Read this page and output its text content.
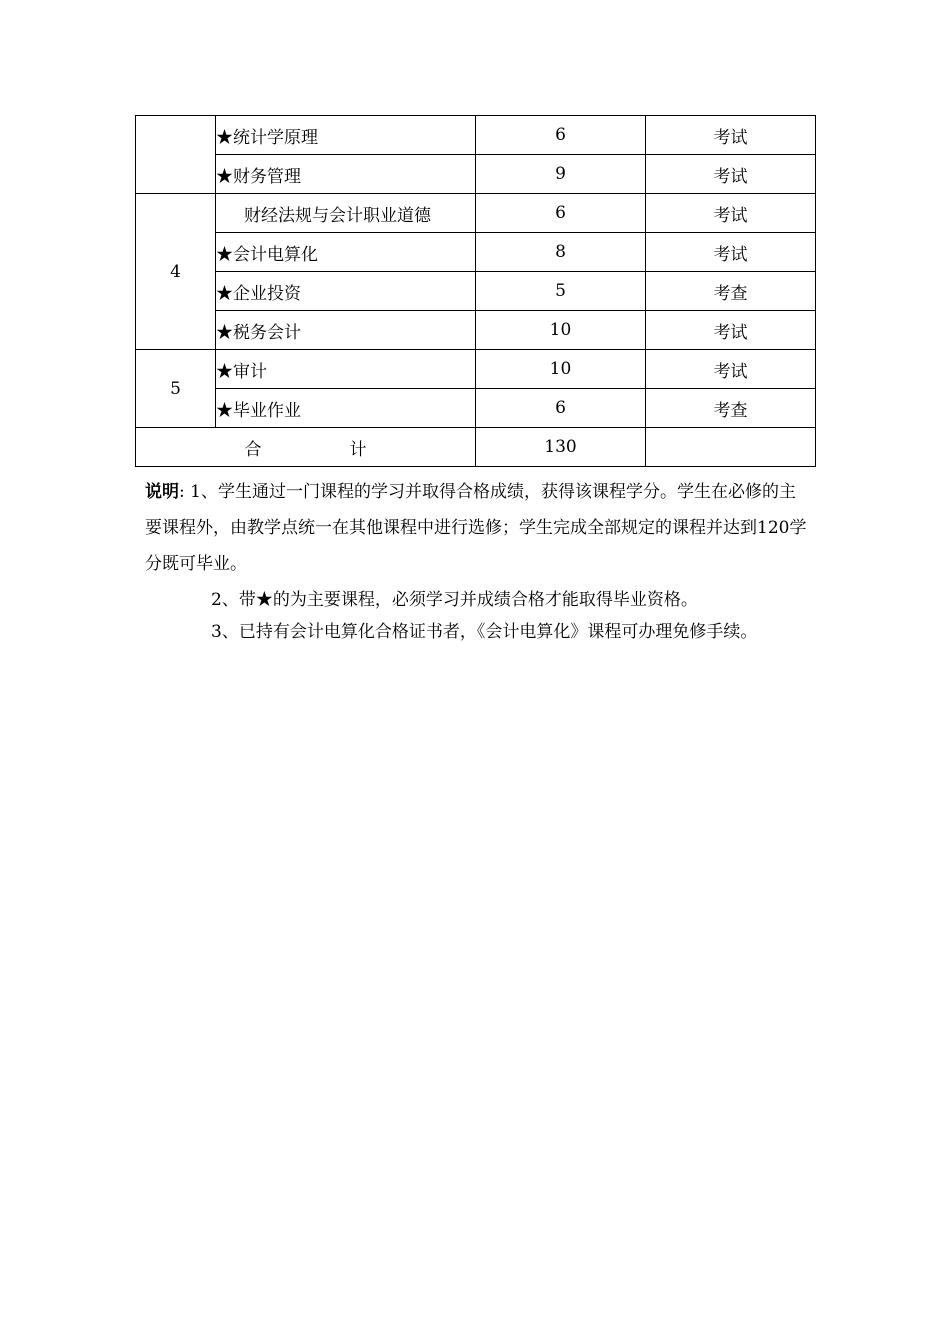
	★统计学原理	6	考试
	★财务管理	9	考试
4	财经法规与会计职业道德	6	考试
	★会计电算化	8	考试
	★企业投资	5	考查
	★税务会计	10	考试
5	★审计	10	考试
	★毕业作业	6	考查
合 计		130	

说明: 1、学生通过一门课程的学习并取得合格成绩，获得该课程学分。学生在必修的主要课程外，由教学点统一在其他课程中进行选修；学生完成全部规定的课程并达到120学分既可毕业。

2、带★的为主要课程，必须学习并成绩合格才能取得毕业资格。

3、已持有会计电算化合格证书者，《会计电算化》课程可办理免修手续。
